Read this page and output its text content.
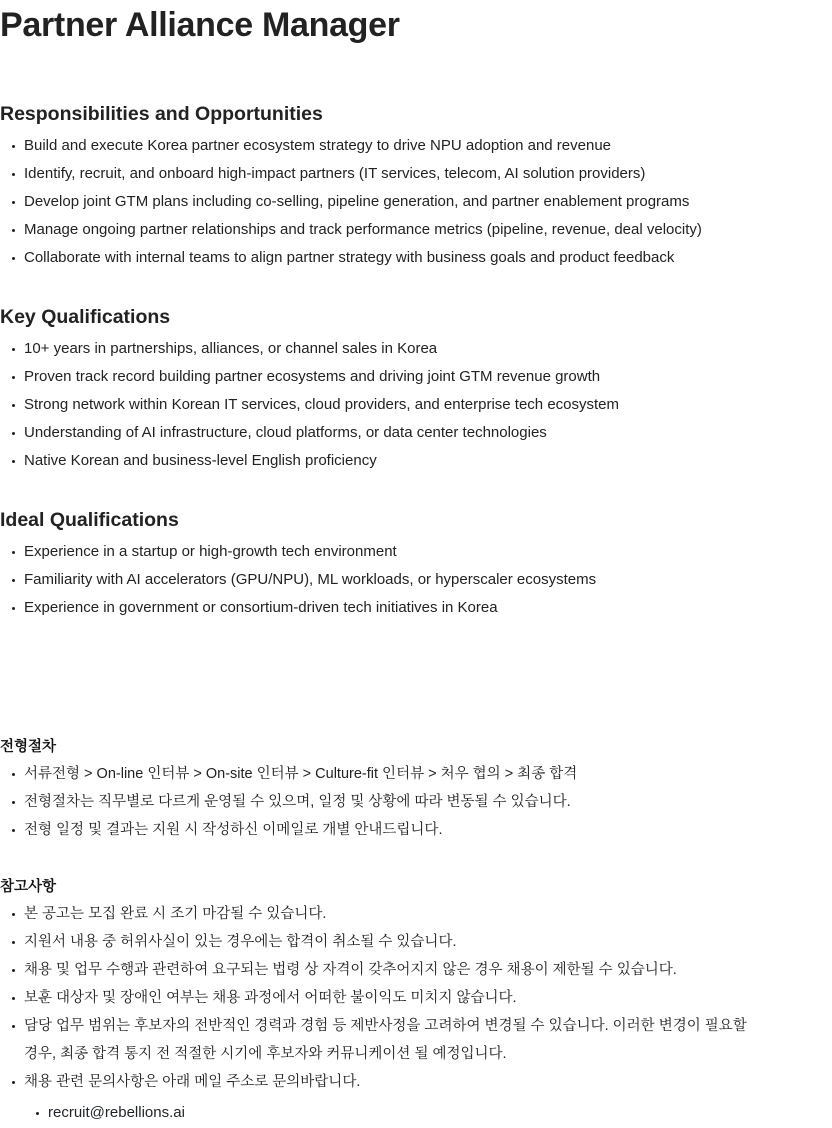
Partner Alliance Manager
Responsibilities and Opportunities
Build and execute Korea partner ecosystem strategy to drive NPU adoption and revenue
Identify, recruit, and onboard high-impact partners (IT services, telecom, AI solution providers)
Develop joint GTM plans including co-selling, pipeline generation, and partner enablement programs
Manage ongoing partner relationships and track performance metrics (pipeline, revenue, deal velocity)
Collaborate with internal teams to align partner strategy with business goals and product feedback
Key Qualifications
10+ years in partnerships, alliances, or channel sales in Korea
Proven track record building partner ecosystems and driving joint GTM revenue growth
Strong network within Korean IT services, cloud providers, and enterprise tech ecosystem
Understanding of AI infrastructure, cloud platforms, or data center technologies
Native Korean and business-level English proficiency
Ideal Qualifications
Experience in a startup or high-growth tech environment
Familiarity with AI accelerators (GPU/NPU), ML workloads, or hyperscaler ecosystems
Experience in government or consortium-driven tech initiatives in Korea
전형절차
서류전형 > On-line 인터뷰 > On-site 인터뷰 > Culture-fit 인터뷰 > 처우 협의 > 최종 합격
전형절차는 직무별로 다르게 운영될 수 있으며, 일정 및 상황에 따라 변동될 수 있습니다.
전형 일정 및 결과는 지원 시 작성하신 이메일로 개별 안내드립니다.
참고사항
본 공고는 모집 완료 시 조기 마감될 수 있습니다.
지원서 내용 중 허위사실이 있는 경우에는 합격이 취소될 수 있습니다.
채용 및 업무 수행과 관련하여 요구되는 법령 상 자격이 갖추어지지 않은 경우 채용이 제한될 수 있습니다.
보훈 대상자 및 장애인 여부는 채용 과정에서 어떠한 불이익도 미치지 않습니다.
담당 업무 범위는 후보자의 전반적인 경력과 경험 등 제반사정을 고려하여 변경될 수 있습니다. 이러한 변경이 필요할 경우, 최종 합격 통지 전 적절한 시기에 후보자와 커뮤니케이션 될 예정입니다.
채용 관련 문의사항은 아래 메일 주소로 문의바랍니다.
recruit@rebellions.ai
